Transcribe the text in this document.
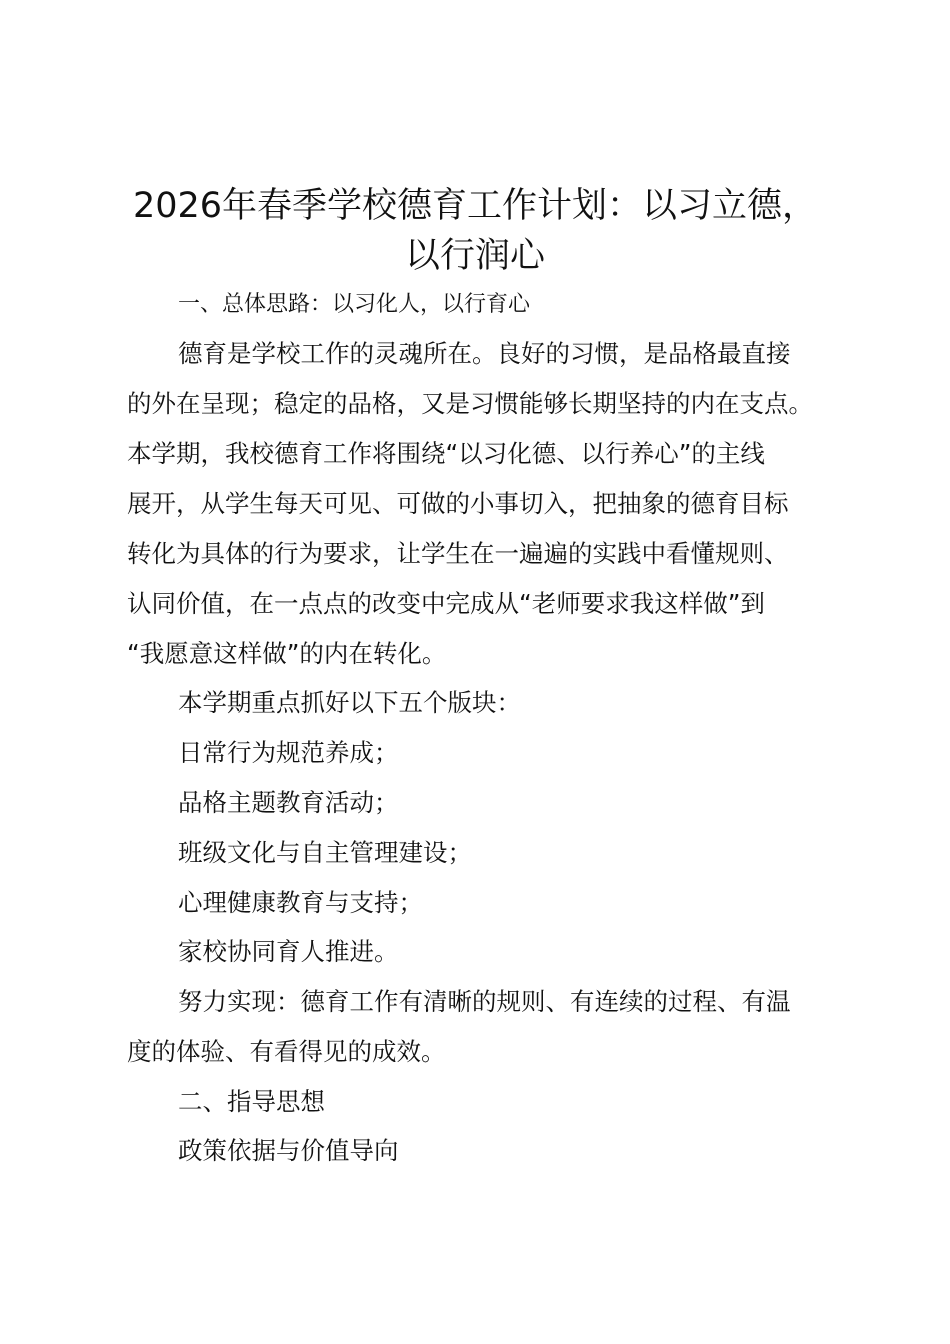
2026年春季学校德育工作计划：以习立德，
以行润心

一、总体思路：以习化人，以行育心

德育是学校工作的灵魂所在。良好的习惯，是品格最直接

的外在呈现；稳定的品格，又是习惯能够长期坚持的内在支点。

本学期，我校德育工作将围绕“以习化德、以行养心”的主线

展开，从学生每天可见、可做的小事切入，把抽象的德育目标

转化为具体的行为要求，让学生在一遍遍的实践中看懂规则、

认同价值，在一点点的改变中完成从“老师要求我这样做”到

“我愿意这样做”的内在转化。

本学期重点抓好以下五个版块：

日常行为规范养成；

品格主题教育活动；

班级文化与自主管理建设；

心理健康教育与支持；

家校协同育人推进。

努力实现：德育工作有清晰的规则、有连续的过程、有温

度的体验、有看得见的成效。

二、指导思想

政策依据与价值导向
